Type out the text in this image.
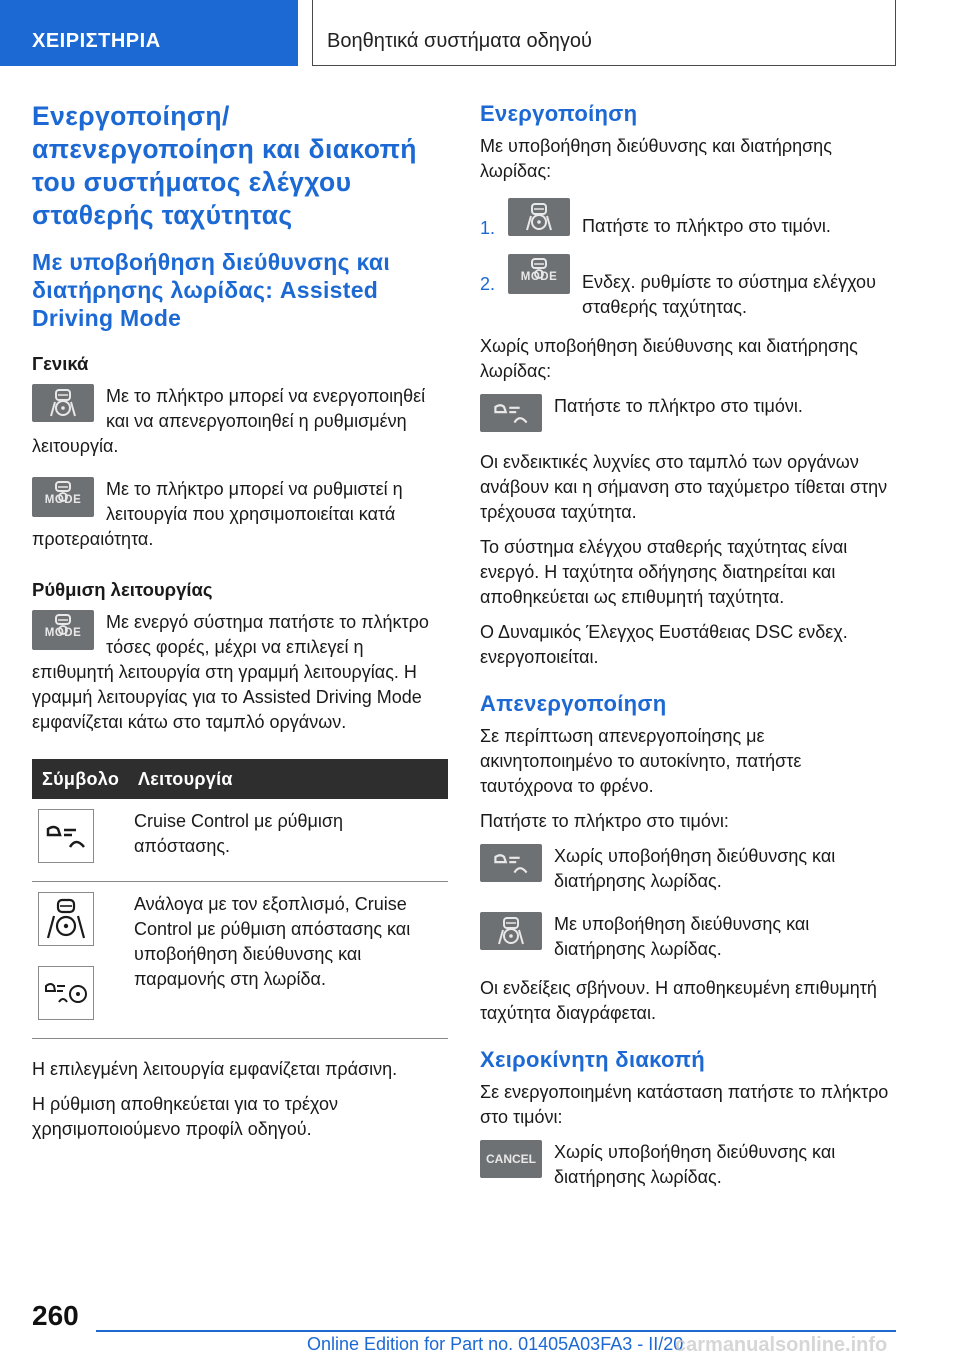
ΧΕΙΡΙΣΤΗΡΙΑ	Βοηθητικά συστήματα οδηγού
Ενεργοποίηση/απενεργοποίηση και διακοπή του συστήματος ελέγχου σταθερής ταχύτητας
Με υποβοήθηση διεύθυνσης και διατήρησης λωρίδας: Assisted Driving Mode
Γενικά
Με το πλήκτρο μπορεί να ενεργοποιηθεί και να απενεργοποιηθεί η ρυθμισμένη λειτουργία.
MODE
Με το πλήκτρο μπορεί να ρυθμιστεί η λειτουργία που χρησιμοποιείται κατά προτεραιότητα.
Ρύθμιση λειτουργίας
MODE
Με ενεργό σύστημα πατήστε το πλήκτρο τόσες φορές, μέχρι να επιλεγεί η επιθυμητή λειτουργία στη γραμμή λειτουργίας. Η γραμμή λειτουργίας για το Assisted Driving Mode εμφανίζεται κάτω στο ταμπλό οργάνων.
Σύμβολο	Λειτουργία

	Cruise Control με ρύθμιση απόστασης.

	Ανάλογα με τον εξοπλισμό, Cruise Control με ρύθμιση απόστασης και υποβοήθηση διεύθυνσης και παραμονής στη λωρίδα.

Η επιλεγμένη λειτουργία εμφανίζεται πράσινη.

Η ρύθμιση αποθηκεύεται για το τρέχον χρησιμοποιούμενο προφίλ οδηγού.

Ενεργοποίηση

Με υποβοήθηση διεύθυνσης και διατήρησης λωρίδας:

1.	Πατήστε το πλήκτρο στο τιμόνι.
2.	MODE	Ενδεχ. ρυθμίστε το σύστημα ελέγχου σταθερής ταχύτητας.

Χωρίς υποβοήθηση διεύθυνσης και διατήρησης λωρίδας:

Πατήστε το πλήκτρο στο τιμόνι.

Οι ενδεικτικές λυχνίες στο ταμπλό των οργάνων ανάβουν και η σήμανση στο ταχύμετρο τίθεται στην τρέχουσα ταχύτητα.

Το σύστημα ελέγχου σταθερής ταχύτητας είναι ενεργό. Η ταχύτητα οδήγησης διατηρείται και αποθηκεύεται ως επιθυμητή ταχύτητα.

Ο Δυναμικός Έλεγχος Ευστάθειας DSC ενδεχ. ενεργοποιείται.

Απενεργοποίηση

Σε περίπτωση απενεργοποίησης με ακινητοποιημένο το αυτοκίνητο, πατήστε ταυτόχρονα το φρένο.

Πατήστε το πλήκτρο στο τιμόνι:

Χωρίς υποβοήθηση διεύθυνσης και διατήρησης λωρίδας.
Με υποβοήθηση διεύθυνσης και διατήρησης λωρίδας.

Οι ενδείξεις σβήνουν. Η αποθηκευμένη επιθυμητή ταχύτητα διαγράφεται.

Χειροκίνητη διακοπή

Σε ενεργοποιημένη κατάσταση πατήστε το πλήκτρο στο τιμόνι:

CANCEL Χωρίς υποβοήθηση διεύθυνσης και διατήρησης λωρίδας.
260
Online Edition for Part no. 01405A03FA3 - II/20
carmanualsonline.info
